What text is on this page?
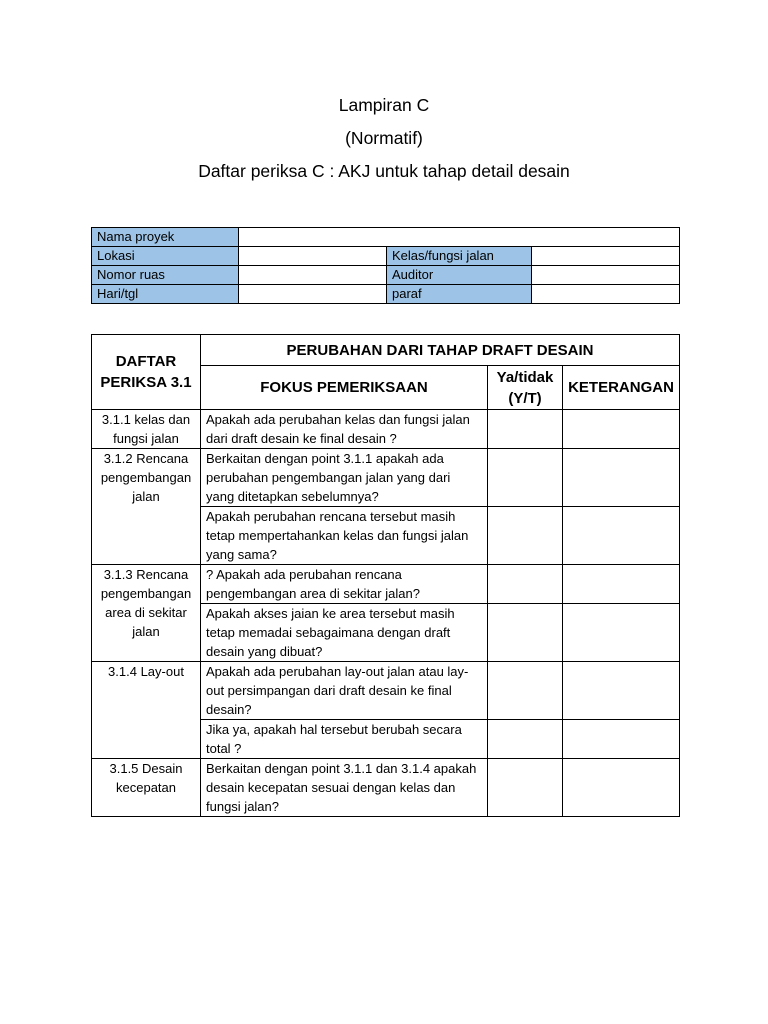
Lampiran C
(Normatif)
Daftar periksa C : AKJ untuk tahap detail desain
Nama proyek			
Lokasi		Kelas/fungsi jalan	
Nomor ruas		Auditor	
Hari/tgl		paraf	
DAFTAR PERIKSA 3.1	PERUBAHAN DARI TAHAP DRAFT DESAIN		
	FOKUS PEMERIKSAAN	Ya/tidak (Y/T)	KETERANGAN
3.1.1 kelas dan fungsi jalan	Apakah ada perubahan kelas dan fungsi jalan dari draft desain ke final desain ?		
3.1.2 Rencana pengembangan jalan	Berkaitan dengan point 3.1.1 apakah ada perubahan pengembangan jalan yang dari yang ditetapkan sebelumnya?		
	Apakah perubahan rencana tersebut masih tetap mempertahankan kelas dan fungsi jalan yang sama?		
3.1.3 Rencana pengembangan area di sekitar jalan	? Apakah ada perubahan rencana pengembangan area di sekitar jalan?		
	Apakah akses jaian ke area tersebut masih tetap memadai sebagaimana dengan draft desain yang dibuat?		
3.1.4 Lay-out	Apakah ada perubahan lay-out jalan atau lay-out persimpangan dari draft desain ke final desain?		
	Jika ya, apakah hal tersebut berubah secara total ?		
3.1.5 Desain kecepatan	Berkaitan dengan point 3.1.1 dan 3.1.4 apakah desain kecepatan sesuai dengan kelas dan fungsi jalan?		
